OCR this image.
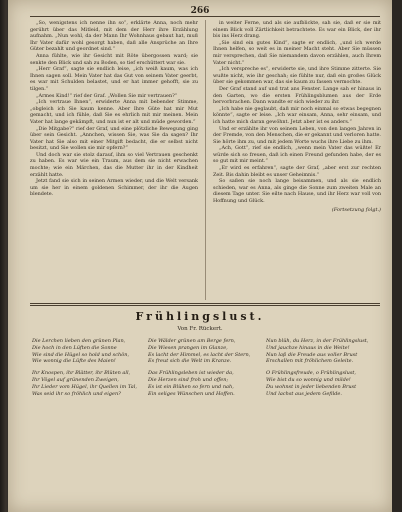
266

„So, wenigstens ich nenne ihn so“, erklärte Anna, noch mehr gerührt über das Mitleid, mit dem der Herr ihre Erzählung aufnahm. „Nun wohl, da der Mann Ihr Wohnhaus gebaut hat, muß Ihr Vater dafür wohl gesorgt haben, daß alle Ansprüche an Ihre Güter bezahlt und geordnet sind.“

Anna fühlte, wie ihr Gesicht mit Röte übergossen ward; sie senkte den Blick und sah zu Boden, so tief erschüttert war sie.

„Herr Graf“, sagte sie endlich leise, „ich weiß kaum, was ich Ihnen sagen soll. Mein Vater hat das Gut von seinem Vater geerbt, es war mit Schulden belastet, und er hat immer gehofft, sie zu tilgen.“

„Armes Kind!“ rief der Graf. „Wollen Sie mir vertrauen?“

„Ich vertraue Ihnen“, erwiderte Anna mit bebender Stimme, „obgleich ich Sie kaum kenne. Aber Ihre Güte hat mir Mut gemacht, und ich fühle, daß Sie es ehrlich mit mir meinen. Mein Vater hat lange gekämpft, und nun ist er alt und müde geworden.“

„Die Mitgabe?“ rief der Graf, und eine plötzliche Bewegung ging über sein Gesicht. „Annchen, wissen Sie, was Sie da sagen? Ihr Vater hat Sie also mit einer Mitgift bedacht, die er selbst nicht besitzt, und Sie wollen sie mir opfern?“

Und doch war sie stolz darauf, ihm so viel Vertrauen geschenkt zu haben. Es war wie ein Traum, aus dem sie nicht erwachen mochte; wie ein Märchen, das die Mutter ihr in der Kindheit erzählt hatte.

Jetzt fand sie sich in seinen Armen wieder, und die Welt versank um sie her in einem goldenen Schimmer, der ihr die Augen blendete.

in weiter Ferne, und als sie aufblickte, sah sie, daß er sie mit einem Blick voll Zärtlichkeit betrachtete. Es war ein Blick, der ihr bis ins Herz drang.

„Sie sind ein gutes Kind“, sagte er endlich, „und ich werde Ihnen helfen, so weit es in meiner Macht steht. Aber Sie müssen mir versprechen, daß Sie niemandem davon erzählen, auch Ihrem Vater nicht.“

„Ich verspreche es“, erwiderte sie, und ihre Stimme zitterte. Sie wußte nicht, wie ihr geschah; sie fühlte nur, daß ein großes Glück über sie gekommen war, das sie kaum zu fassen vermochte.

Der Graf stand auf und trat ans Fenster. Lange sah er hinaus in den Garten, wo die ersten Frühlingsblumen aus der Erde hervorbrachen. Dann wandte er sich wieder zu ihr.

„Ich habe nie geglaubt, daß mir noch einmal so etwas begegnen könnte“, sagte er leise. „Ich war einsam, Anna, sehr einsam, und ich hatte mich daran gewöhnt. Jetzt aber ist es anders.“

Und er erzählte ihr von seinem Leben, von den langen Jahren in der Fremde, von den Menschen, die er gekannt und verloren hatte. Sie hörte ihm zu, und mit jedem Worte wuchs ihre Liebe zu ihm.

„Ach, Gott“, rief sie endlich, „wenn mein Vater das wüßte! Er würde sich so freuen, daß ich einen Freund gefunden habe, der es so gut mit mir meint.“

„Er wird es erfahren“, sagte der Graf, „aber erst zur rechten Zeit. Bis dahin bleibt es unser Geheimnis.“

So saßen sie noch lange beisammen, und als sie endlich schieden, war es Anna, als ginge die Sonne zum zweiten Male an diesem Tage unter. Sie eilte nach Hause, und ihr Herz war voll von Hoffnung und Glück.

(Fortsetzung folgt.)
Frühlingslust.
Von Fr. Rückert.
Die Lerchen lieben den grünen Plan,
Die hoch in den Lüften die Sonne
Wie sind die Hügel so hold und schön,
Wie wonnig die Lüfte des Maien!
Ihr Knospen, ihr Blätter, ihr Blüten all,
Ihr Vögel auf grünenden Zweigen,
Ihr Lieder vom Hügel, ihr Quellen im Tal,
Was seid ihr so fröhlich und eigen?
Die Wälder grünen am Berge fern,
Die Wiesen prangen im Glanze,
Es lacht der Himmel, es lacht der Stern,
Es freut sich die Welt im Kranze.
Das Frühlingsleben ist wieder da,
Die Herzen sind froh und offen;
Es ist ein Blühen so fern und nah,
Ein seliges Wünschen und Hoffen.
Nun blüh, du Herz, in der Frühlingslust,
Und jauchze hinaus in die Weite!
Nun laß die Freude aus voller Brust
Erschallen mit fröhlichem Geleite.
O Frühlingsfreude, o Frühlingslust,
Wie bist du so wonnig und milde!
Du wohnst in jeder liebenden Brust
Und lachst aus jedem Gefilde.
